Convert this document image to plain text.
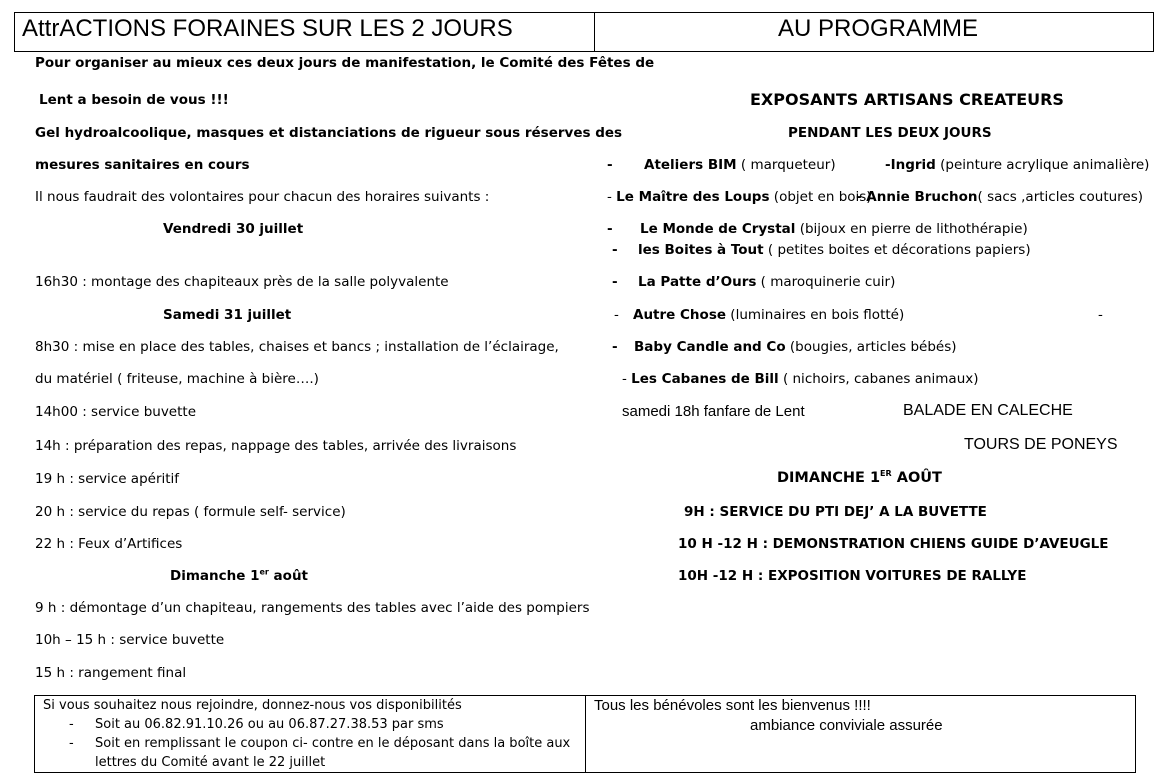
AttrACTIONS FORAINES SUR LES 2 JOURS	AU PROGRAMME
Pour organiser au mieux ces deux jours de manifestation, le Comité des Fêtes de
Lent a besoin de vous !!!
Gel hydroalcoolique, masques et distanciations de rigueur sous réserves des
mesures sanitaires en cours
Il nous faudrait des volontaires pour chacun des horaires suivants :
Vendredi 30 juillet
16h30 : montage des chapiteaux près de la salle polyvalente
Samedi 31 juillet
8h30 : mise en place des tables, chaises et bancs ; installation de l’éclairage,
du matériel ( friteuse, machine à bière….)
14h00 : service buvette
14h : préparation des repas, nappage des tables, arrivée des livraisons
19 h : service apéritif
20 h : service du repas ( formule self- service)
22 h : Feux d’Artifices
Dimanche 1er août
9 h : démontage d’un chapiteau, rangements des tables avec l’aide des pompiers
10h – 15 h : service buvette
15 h : rangement final
EXPOSANTS ARTISANS CREATEURS
PENDANT LES DEUX JOURS
- Ateliers BIM ( marqueteur)	-Ingrid (peinture acrylique animalière)
- Le Maître des Loups (objet en bois)
- Annie Bruchon( sacs ,articles coutures)
- Le Monde de Crystal (bijoux en pierre de lithothérapie)
- les Boites à Tout ( petites boites et décorations papiers)
- La Patte d’Ours ( maroquinerie cuir)
- Autre Chose (luminaires en bois flotté)	-
- Baby Candle and Co (bougies, articles bébés)
- Les Cabanes de Bill ( nichoirs, cabanes animaux)
samedi 18h fanfare de Lent	BALADE EN CALECHE
TOURS DE PONEYS
DIMANCHE 1ER AOÛT
9H : SERVICE DU PTI DEJ’ A LA BUVETTE
10 H -12 H : DEMONSTRATION CHIENS GUIDE D’AVEUGLE
10H -12 H : EXPOSITION VOITURES DE RALLYE
Si vous souhaitez nous rejoindre, donnez-nous vos disponibilités
- Soit au 06.82.91.10.26 ou au 06.87.27.38.53 par sms
- Soit en remplissant le coupon ci- contre en le déposant dans la boîte aux
lettres du Comité avant le 22 juillet
Tous les bénévoles sont les bienvenus !!!!
ambiance conviviale assurée
